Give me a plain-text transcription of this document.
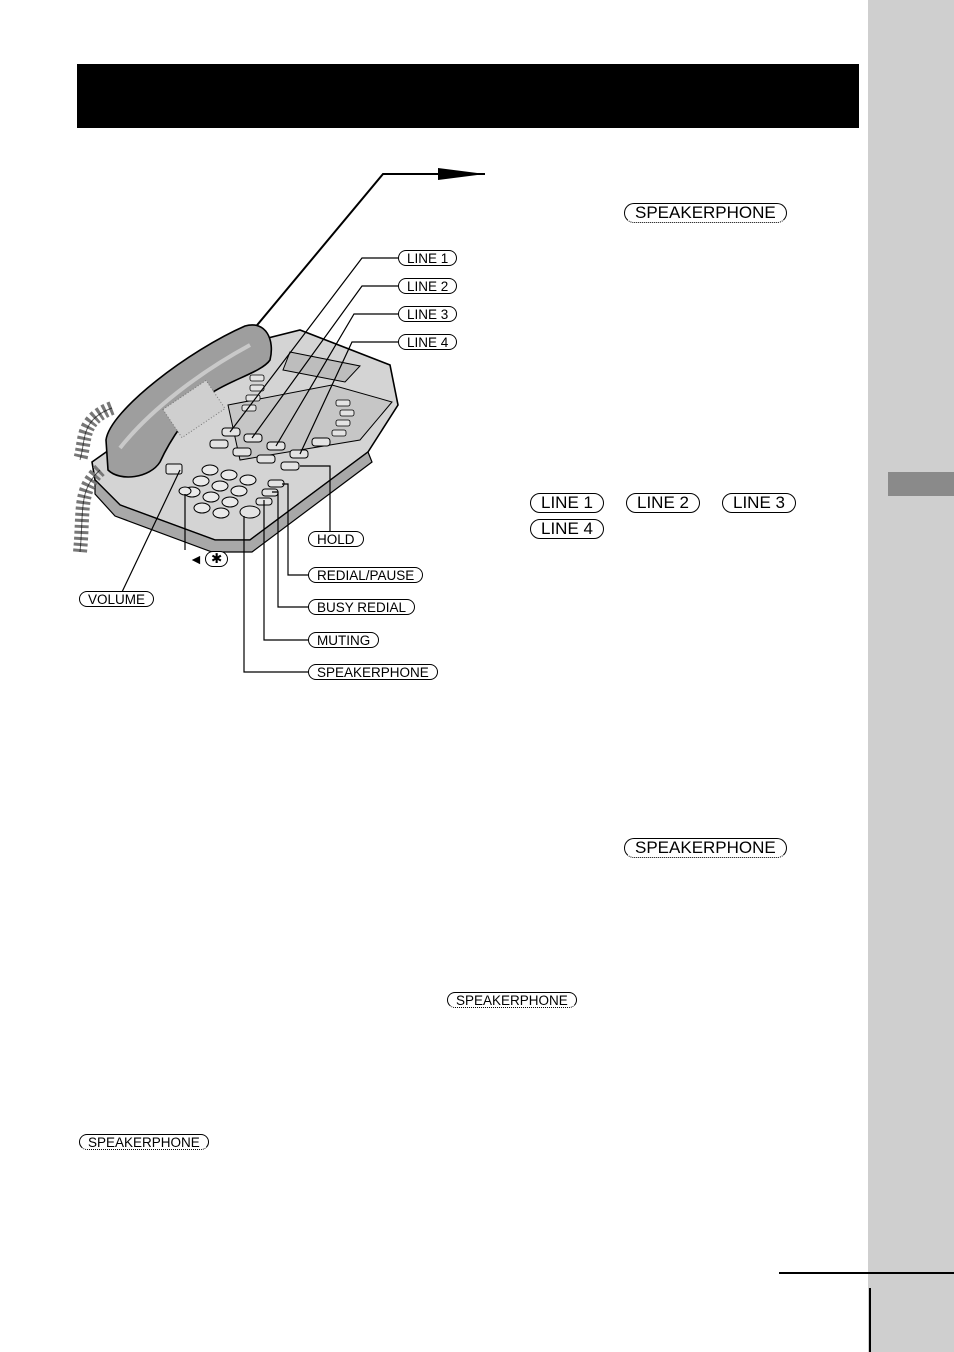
LINE 1
LINE 2
LINE 3
LINE 4
HOLD
REDIAL/PAUSE
BUSY REDIAL
MUTING
SPEAKERPHONE
VOLUME
◄ ✱
SPEAKERPHONE
LINE 1	LINE 2	LINE 3
LINE 4
SPEAKERPHONE
SPEAKERPHONE
SPEAKERPHONE
